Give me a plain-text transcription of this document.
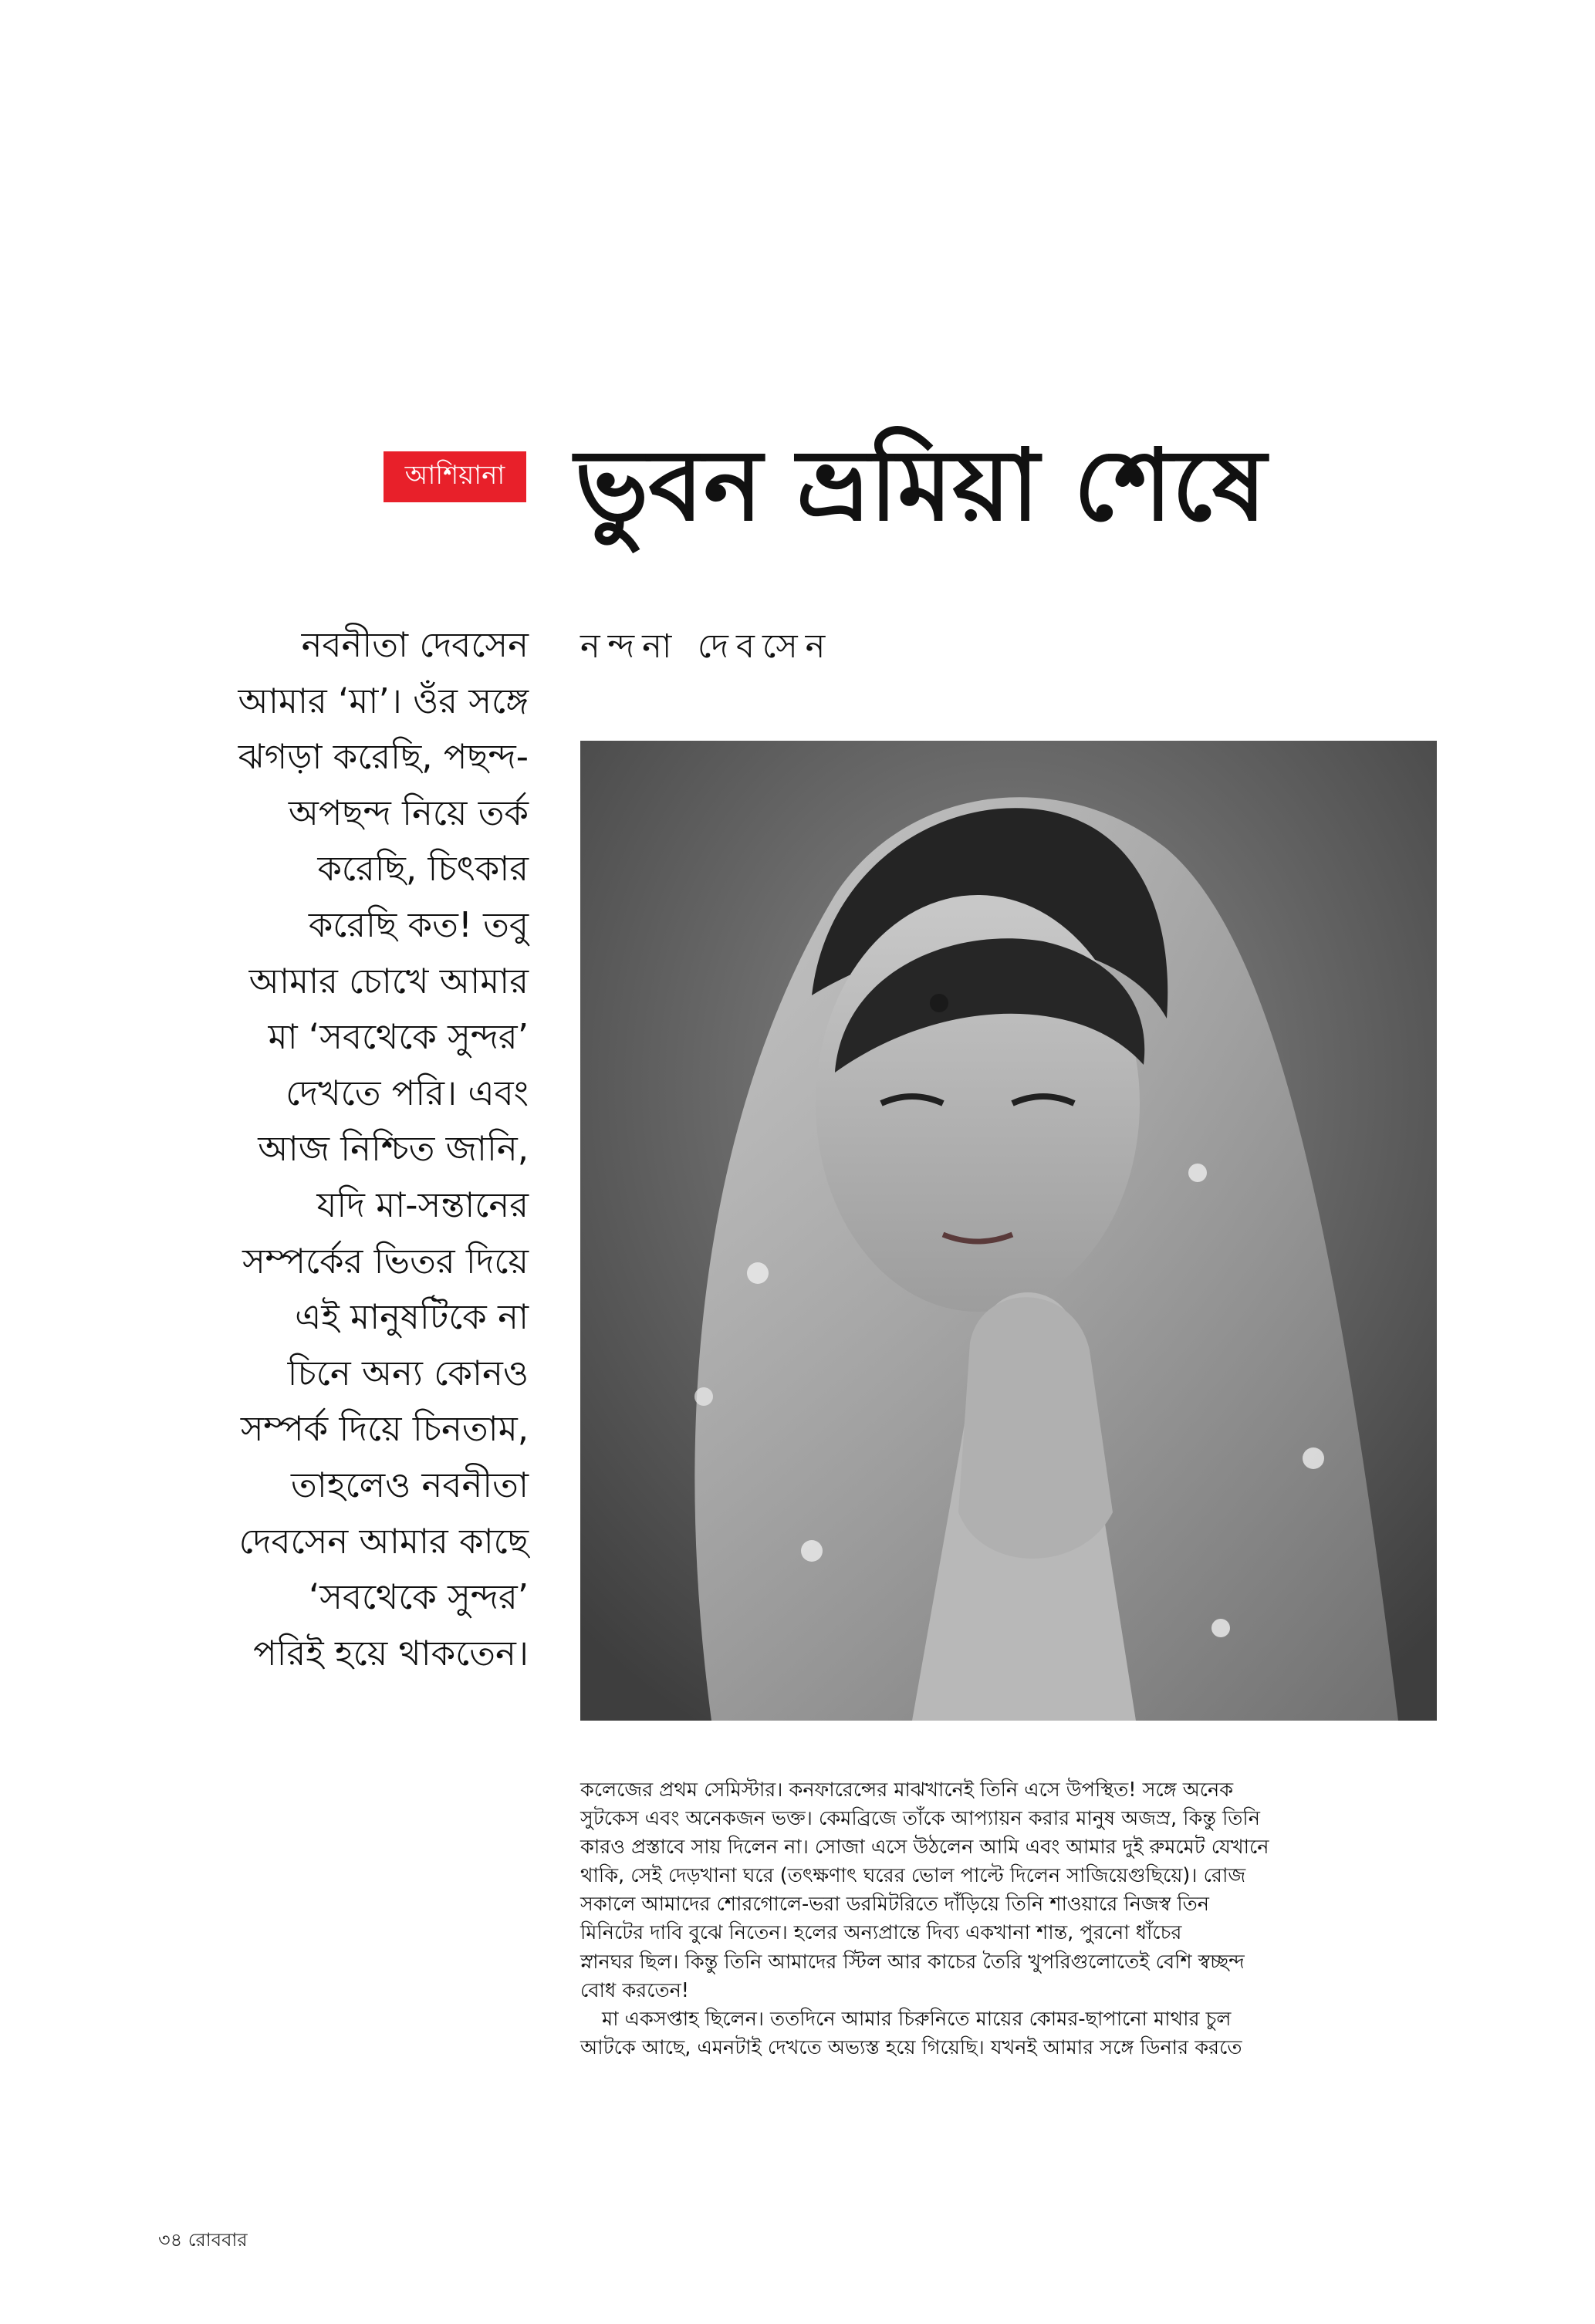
আশিয়ানা ভুবন ভ্রমিয়া শেষে
নন্দনা দেবসেন
নবনীতা দেবসেন
আমার ‘মা’। ওঁর সঙ্গে
ঝগড়া করেছি, পছন্দ-
অপছন্দ নিয়ে তর্ক
করেছি, চিৎকার
করেছি কত! তবু
আমার চোখে আমার
মা ‘সবথেকে সুন্দর’
দেখতে পরি। এবং
আজ নিশ্চিত জানি,
যদি মা-সন্তানের
সম্পর্কের ভিতর দিয়ে
এই মানুষটিকে না
চিনে অন্য কোনও
সম্পর্ক দিয়ে চিনতাম,
তাহলেও নবনীতা
দেবসেন আমার কাছে
‘সবথেকে সুন্দর’
পরিই হয়ে থাকতেন।
কলেজের প্রথম সেমিস্টার। কনফারেন্সের মাঝখানেই তিনি এসে উপস্থিত! সঙ্গে অনেক
সুটকেস এবং অনেকজন ভক্ত। কেমব্রিজে তাঁকে আপ্যায়ন করার মানুষ অজস্র, কিন্তু তিনি
কারও প্রস্তাবে সায় দিলেন না। সোজা এসে উঠলেন আমি এবং আমার দুই রুমমেট যেখানে
থাকি, সেই দেড়খানা ঘরে (তৎক্ষণাৎ ঘরের ভোল পাল্টে দিলেন সাজিয়েগুছিয়ে)। রোজ
সকালে আমাদের শোরগোলে-ভরা ডরমিটরিতে দাঁড়িয়ে তিনি শাওয়ারে নিজস্ব তিন
মিনিটের দাবি বুঝে নিতেন। হলের অন্যপ্রান্তে দিব্য একখানা শান্ত, পুরনো ধাঁচের
স্নানঘর ছিল। কিন্তু তিনি আমাদের স্টিল আর কাচের তৈরি খুপরিগুলোতেই বেশি স্বচ্ছন্দ
বোধ করতেন!
মা একসপ্তাহ ছিলেন। ততদিনে আমার চিরুনিতে মায়ের কোমর-ছাপানো মাথার চুল
আটকে আছে, এমনটাই দেখতে অভ্যস্ত হয়ে গিয়েছি। যখনই আমার সঙ্গে ডিনার করতে
৩৪ রোববার
